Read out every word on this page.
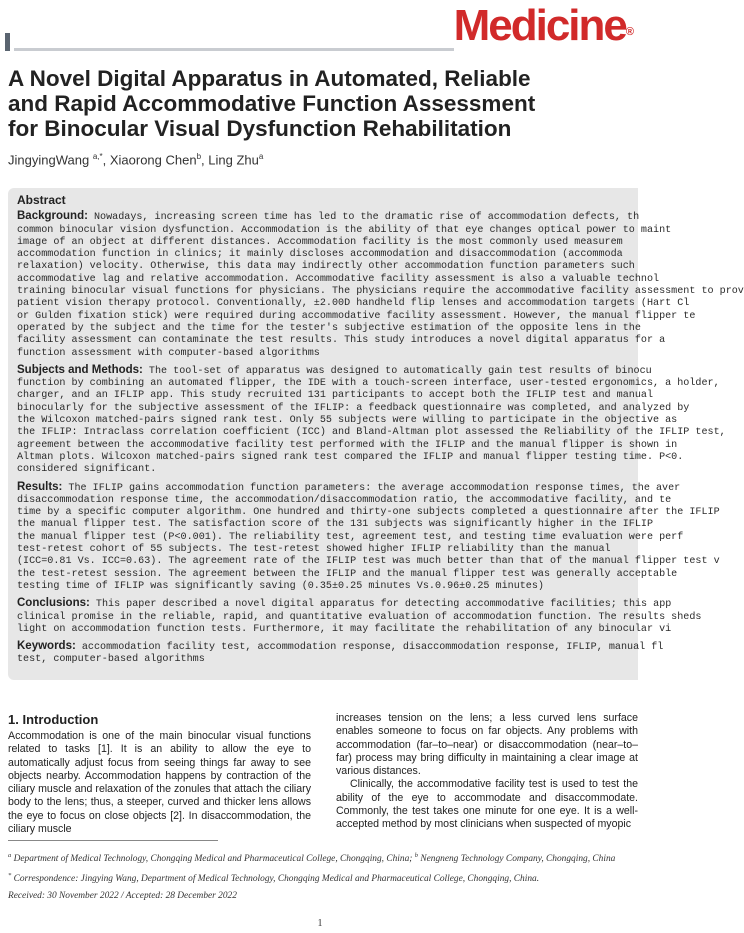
Medicine®
A Novel Digital Apparatus in Automated, Reliable
and Rapid Accommodative Function Assessment
for Binocular Visual Dysfunction Rehabilitation
JingyingWang $^{a,*}$, Xiaorong Chen$^b$, Ling Zhu$^a$
Abstract
Background: Nowadays, increasing screen time has led to the dramatic rise of accommodation defects, th
common binocular vision dysfunction. Accommodation is the ability of that eye changes optical power to maint
image of an object at different distances. Accommodation facility is the most commonly used measurem
accommodation function in clinics; it mainly discloses accommodation and disaccommodation (accommoda
relaxation) velocity. Otherwise, this data may indirectly other accommodation function parameters such
accommodative lag and relative accommodation. Accommodative facility assessment is also a valuable technol
training binocular visual functions for physicians. The physicians require the accommodative facility assessment to prov
patient vision therapy protocol. Conventionally, ±2.00D handheld flip lenses and accommodation targets (Hart Cl
or Gulden fixation stick) were required during accommodative facility assessment. However, the manual flipper te
operated by the subject and the time for the tester's subjective estimation of the opposite lens in the
facility assessment can contaminate the test results. This study introduces a novel digital apparatus for a
function assessment with computer-based algorithms
Subjects and Methods: The tool-set of apparatus was designed to automatically gain test results of binocu
function by combining an automated flipper, the IDE with a touch-screen interface, user-tested ergonomics, a holder,
charger, and an IFLIP app. This study recruited 131 participants to accept both the IFLIP test and manual
binocularly for the subjective assessment of the IFLIP: a feedback questionnaire was completed, and analyzed by
the Wilcoxon matched-pairs signed rank test. Only 55 subjects were willing to participate in the objective as
the IFLIP: Intraclass correlation coefficient (ICC) and Bland-Altman plot assessed the Reliability of the IFLIP test,
agreement between the accommodative facility test performed with the IFLIP and the manual flipper is shown in
Altman plots. Wilcoxon matched-pairs signed rank test compared the IFLIP and manual flipper testing time. P<0.
considered significant.
Results: The IFLIP gains accommodation function parameters: the average accommodation response times, the aver
disaccommodation response time, the accommodation/disaccommodation ratio, the accommodative facility, and te
time by a specific computer algorithm. One hundred and thirty-one subjects completed a questionnaire after the IFLIP
the manual flipper test. The satisfaction score of the 131 subjects was significantly higher in the IFLIP
the manual flipper test (P<0.001). The reliability test, agreement test, and testing time evaluation were perf
test-retest cohort of 55 subjects. The test-retest showed higher IFLIP reliability than the manual
(ICC=0.81 Vs. ICC=0.63). The agreement rate of the IFLIP test was much better than that of the manual flipper test v
the test-retest session. The agreement between the IFLIP and the manual flipper test was generally acceptable
testing time of IFLIP was significantly saving (0.35±0.25 minutes Vs.0.96±0.25 minutes)
Conclusions: This paper described a novel digital apparatus for detecting accommodative facilities; this app
clinical promise in the reliable, rapid, and quantitative evaluation of accommodation function. The results sheds
light on accommodation function tests. Furthermore, it may facilitate the rehabilitation of any binocular vi
Keywords: accommodation facility test, accommodation response, disaccommodation response, IFLIP, manual fl
test, computer-based algorithms
1. Introduction

Accommodation is one of the main binocular visual functions related to tasks [1]. It is an ability to allow the eye to automatically adjust focus from seeing things far away to see objects nearby. Accommodation happens by contraction of the ciliary muscle and relaxation of the zonules that attach the ciliary body to the lens; thus, a steeper, curved and thicker lens allows the eye to focus on close objects [2]. In disaccommodation, the ciliary muscle

increases tension on the lens; a less curved lens surface enables someone to focus on far objects. Any problems with accommodation (far–to–near) or disaccommodation (near–to–far) process may bring difficulty in maintaining a clear image at various distances.

Clinically, the accommodative facility test is used to test the ability of the eye to accommodate and disaccommodate. Commonly, the test takes one minute for one eye. It is a well-accepted method by most clinicians when suspected of myopic

$^a$ Department of Medical Technology, Chongqing Medical and Pharmaceutical College, Chongqing, China; $^b$ Nengneng Technology Company, Chongqing, China
* Correspondence: Jingying Wang, Department of Medical Technology, Chongqing Medical and Pharmaceutical College, Chongqing, China.
Received: 30 November 2022 / Accepted: 28 December 2022
1
